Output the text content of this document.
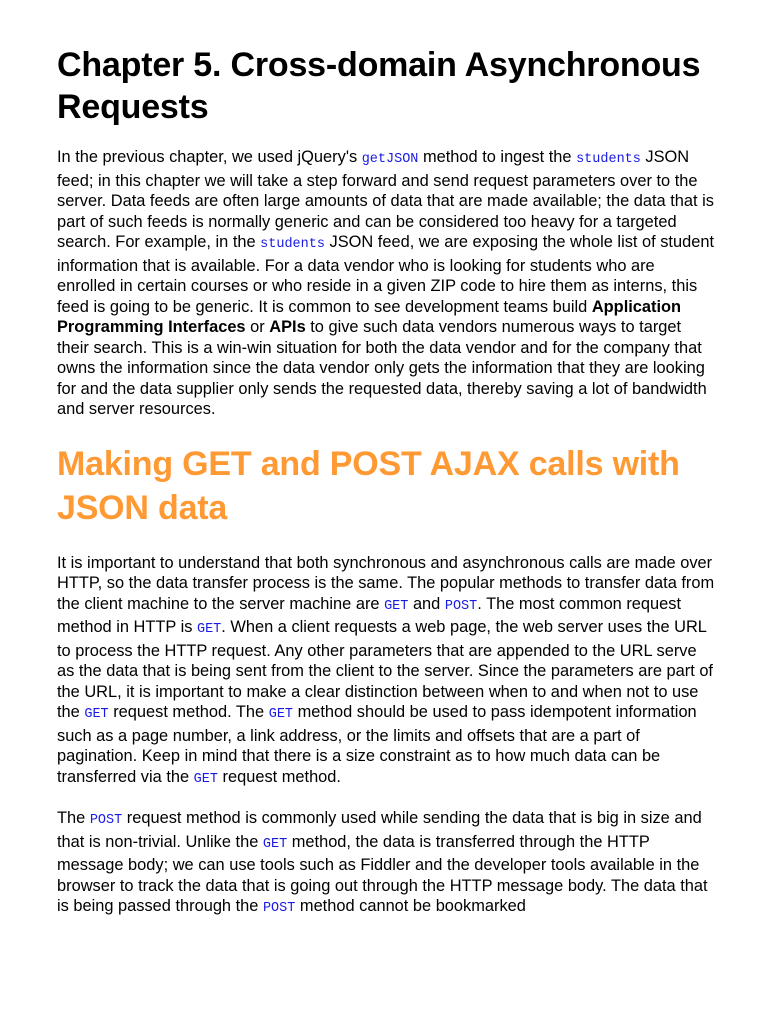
Chapter 5. Cross-domain Asynchronous Requests

In the previous chapter, we used jQuery's getJSON method to ingest the students JSON feed; in this chapter we will take a step forward and send request parameters over to the server. Data feeds are often large amounts of data that are made available; the data that is part of such feeds is normally generic and can be considered too heavy for a targeted search. For example, in the students JSON feed, we are exposing the whole list of student information that is available. For a data vendor who is looking for students who are enrolled in certain courses or who reside in a given ZIP code to hire them as interns, this feed is going to be generic. It is common to see development teams build Application Programming Interfaces or APIs to give such data vendors numerous ways to target their search. This is a win-win situation for both the data vendor and for the company that owns the information since the data vendor only gets the information that they are looking for and the data supplier only sends the requested data, thereby saving a lot of bandwidth and server resources.

Making GET and POST AJAX calls with JSON data

It is important to understand that both synchronous and asynchronous calls are made over HTTP, so the data transfer process is the same. The popular methods to transfer data from the client machine to the server machine are GET and POST. The most common request method in HTTP is GET. When a client requests a web page, the web server uses the URL to process the HTTP request. Any other parameters that are appended to the URL serve as the data that is being sent from the client to the server. Since the parameters are part of the URL, it is important to make a clear distinction between when to and when not to use the GET request method. The GET method should be used to pass idempotent information such as a page number, a link address, or the limits and offsets that are a part of pagination. Keep in mind that there is a size constraint as to how much data can be transferred via the GET request method.

The POST request method is commonly used while sending the data that is big in size and that is non-trivial. Unlike the GET method, the data is transferred through the HTTP message body; we can use tools such as Fiddler and the developer tools available in the browser to track the data that is going out through the HTTP message body. The data that is being passed through the POST method cannot be bookmarked
